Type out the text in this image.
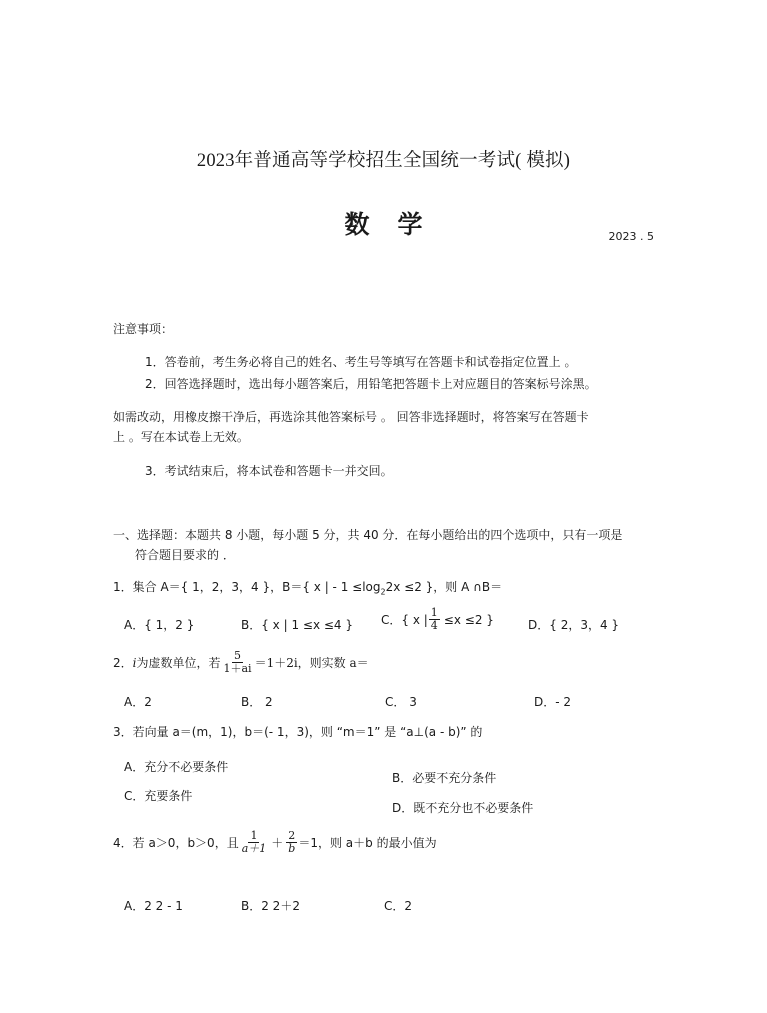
2023年普通高等学校招生全国统一考试( 模拟)
数学	2023 . 5
注意事项：
1．答卷前，考生务必将自己的姓名、考生号等填写在答题卡和试卷指定位置上 。
2．回答选择题时，选出每小题答案后，用铅笔把答题卡上对应题目的答案标号涂黑。
如需改动，用橡皮擦干净后，再选涂其他答案标号 。 回答非选择题时，将答案写在答题卡
上 。写在本试卷上无效。
3．考试结束后，将本试卷和答题卡一并交回。
一、选择题：本题共 8 小题，每小题 5 分，共 40 分．在每小题给出的四个选项中，只有一项是
符合题目要求的 ．
1．集合 A＝{ 1，2，3，4 }，B＝{ x | - $1 \le\log_22x \le 2$ }，则 A ∩B＝
A．{ 1，2 }	B．{ x | 1 ≤x ≤4 } C．{ x | $\frac{1}{4} \le x \le 2$ }	D．{ 2，3，4 }
2． i 为虚数单位，若 $\frac{5}{1+ai} =1+2i$，则实数 a＝
A．2	B． 2	C． 3	D．- 2
3．若向量 a＝(m，1)，b＝(- 1，3)，则 “m＝1” 是 “a⊥(a - b)” 的
A．充分不必要条件
B．必要不充分条件
C．充要条件
D．既不充分也不必要条件
4．若 a＞0，b＞0，且 $\frac{1}{a+1} + \frac{2}{b} =1$，则 a＋b 的最小值为
A．2 2 - 1	B．2 2＋2	C．2
